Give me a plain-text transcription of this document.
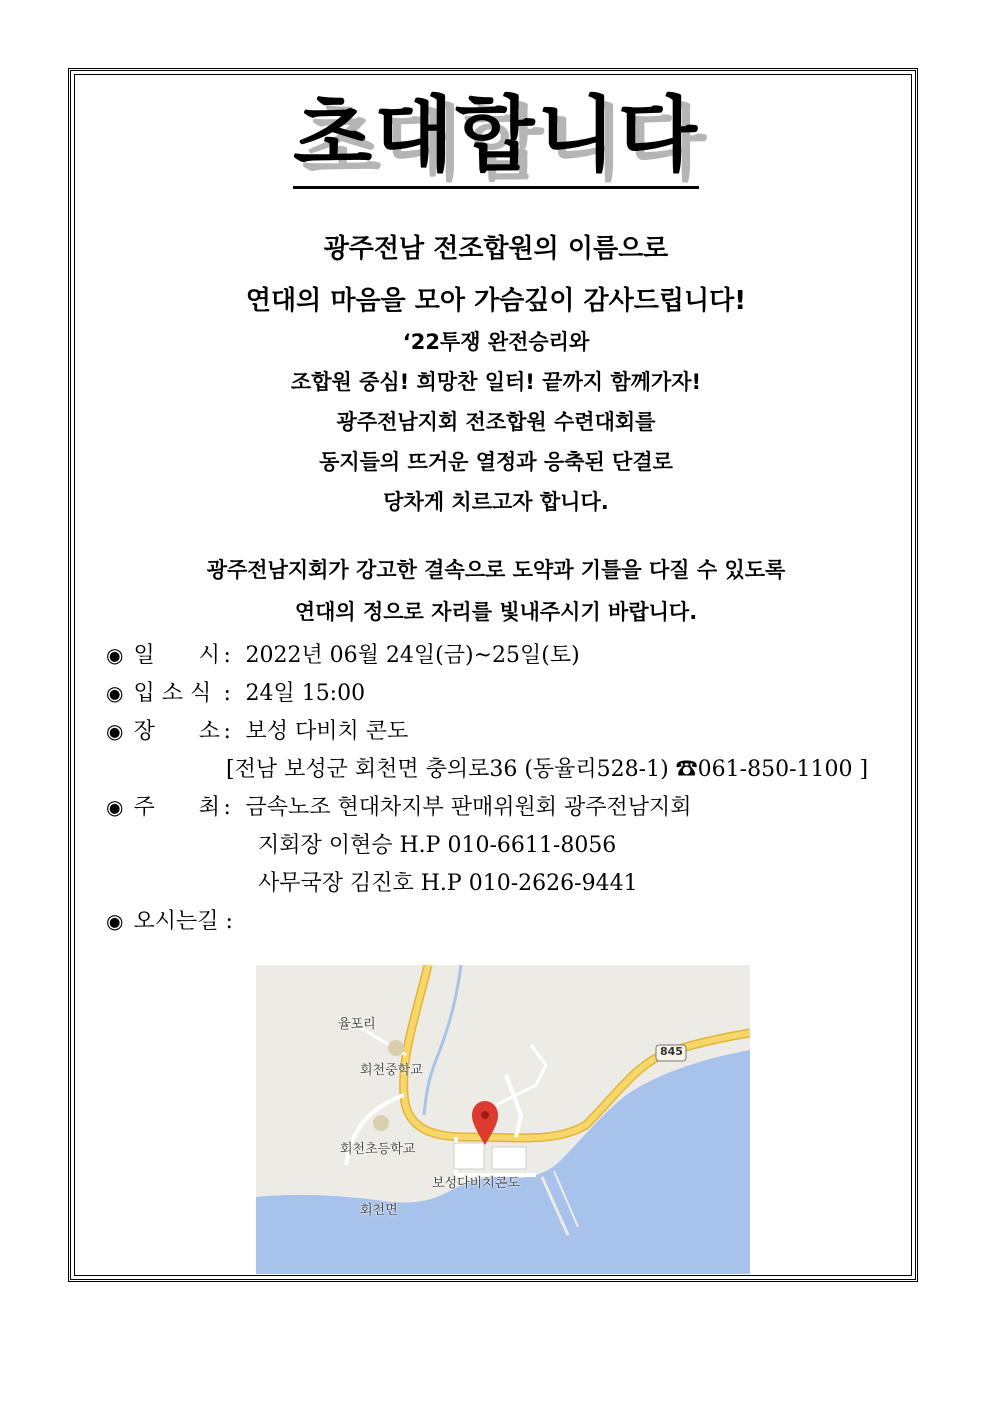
초대합니다
광주전남 전조합원의 이름으로
연대의 마음을 모아 가슴깊이 감사드립니다!
‘22투쟁 완전승리와
조합원 중심! 희망찬 일터! 끝까지 함께가자!
광주전남지회 전조합원 수련대회를
동지들의 뜨거운 열정과 응축된 단결로
당차게 치르고자 합니다.
광주전남지회가 강고한 결속으로 도약과 기틀을 다질 수 있도록
연대의 정으로 자리를 빛내주시기 바랍니다.
◉ 일　　시 : 2022년 06월 24일(금)~25일(토)
◉ 입 소 식 : 24일 15:00
◉ 장　　소 : 보성 다비치 콘도
[전남 보성군 회천면 충의로36 (동율리528-1) ☎061-850-1100 ]
◉ 주　　최 : 금속노조 현대차지부 판매위원회 광주전남지회
지회장 이현승 H.P 010-6611-8056
사무국장 김진호 H.P 010-2626-9441
◉ 오시는길 :
율포리
회천중학교
회천초등학교
보성다비치콘도
회천면
845
